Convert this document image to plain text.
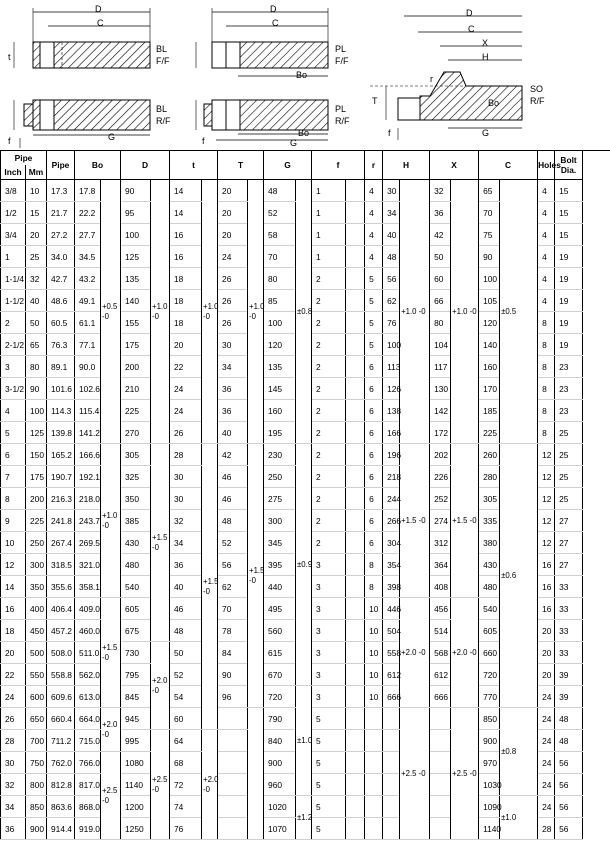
D
C
t
BL
F/F
BL
R/F
G
f
D
C
PL
F/F
Bo
PL
R/F
Bo
G
f
D
C
X
H
r
T	Bo
G
f
SO
R/F
Pipe		Pipe	Bo		D		t		T		G		f		r	H		X		C		Holes	Bolt Dia.
Inch	Mm																						
3/8	10	17.3	17.8	+0.5 -0	90	+1.0 -0	14	+1.0 -0	20	+1.0 -0	48	±0.8	1		4	30	+1.0 -0	32	+1.0 -0	65	±0.5	4	15
1/2	15	21.7	22.2		95		14		20		52		1		4	34		36		70		4	15
3/4	20	27.2	27.7		100		16		20		58		1		4	40		42		75		4	15
1	25	34.0	34.5		125		16		24		70		1		4	48		50		90		4	19
1-1/4	32	42.7	43.2		135		18		26		80		2		5	56		60		100		4	19
1-1/2	40	48.6	49.1		140		18		26		85		2		5	62		66		105		4	19
2	50	60.5	61.1		155		18		26		100		2		5	76		80		120		8	19
2-1/2	65	76.3	77.1		175		20		30		120		2		5	100		104		140		8	19
3	80	89.1	90.0		200		22		34		135		2		6	113		117		160		8	23
3-1/2	90	101.6	102.6		210		24		36		145		2		6	126		130		170		8	23
4	100	114.3	115.4		225		24		36		160		2		6	138		142		185		8	23
5	125	139.8	141.2		270		26		40		195		2		6	166		172		225		8	25
6	150	165.2	166.6	+1.0 -0	305	+1.5 -0	28	+1.5 -0	42	+1.5 -0	230	±0.9	2		6	196	+1.5 -0	202	+1.5 -0	260	±0.6	12	25
7	175	190.7	192.1		325		30		46		250		2		6	218		226		280		12	25
8	200	216.3	218.0		350		30		46		275		2		6	244		252		305		12	25
9	225	241.8	243.7		385		32		48		300		2		6	266		274		335		12	27
10	250	267.4	269.5		430		34		52		345		2		6	304		312		380		12	27
12	300	318.5	321.0		480		36		56		395		3		8	354		364		430		16	27
14	350	355.6	358.1		540		40		62		440		3		8	398		408		480		16	33
16	400	406.4	409.0	+1.5 -0	605		46		70		495		3		10	446	+2.0 -0	456	+2.0 -0	540		16	33
18	450	457.2	460.0		675		48		78		560		3		10	504		514		605		20	33
20	500	508.0	511.0		730	+2.0 -0	50		84		615		3		10	558		568		660		20	33
22	550	558.8	562.0		795		52		90		670		3		10	612		612		720		20	39
24	600	609.6	613.0		845		54		96		720	±1.0	3		10	666		666		770		24	39
26	650	660.4	664.0	+2.0 -0	945		60				790		5				+2.5 -0		+2.5 -0	850	±0.8	24	48
28	700	711.2	715.0		995	+2.5 -0	64	+2.0 -0			840		5							900		24	48
30	750	762.0	766.0	+2.5 -0	1080		68				900		5							970		24	56
32	800	812.8	817.0		1140		72				960		5							1030		24	56
34	850	863.6	868.0		1200		74				1020	±1.2	5							1090	±1.0	24	56
36	900	914.4	919.0		1250		76				1070		5							1140		28	56
